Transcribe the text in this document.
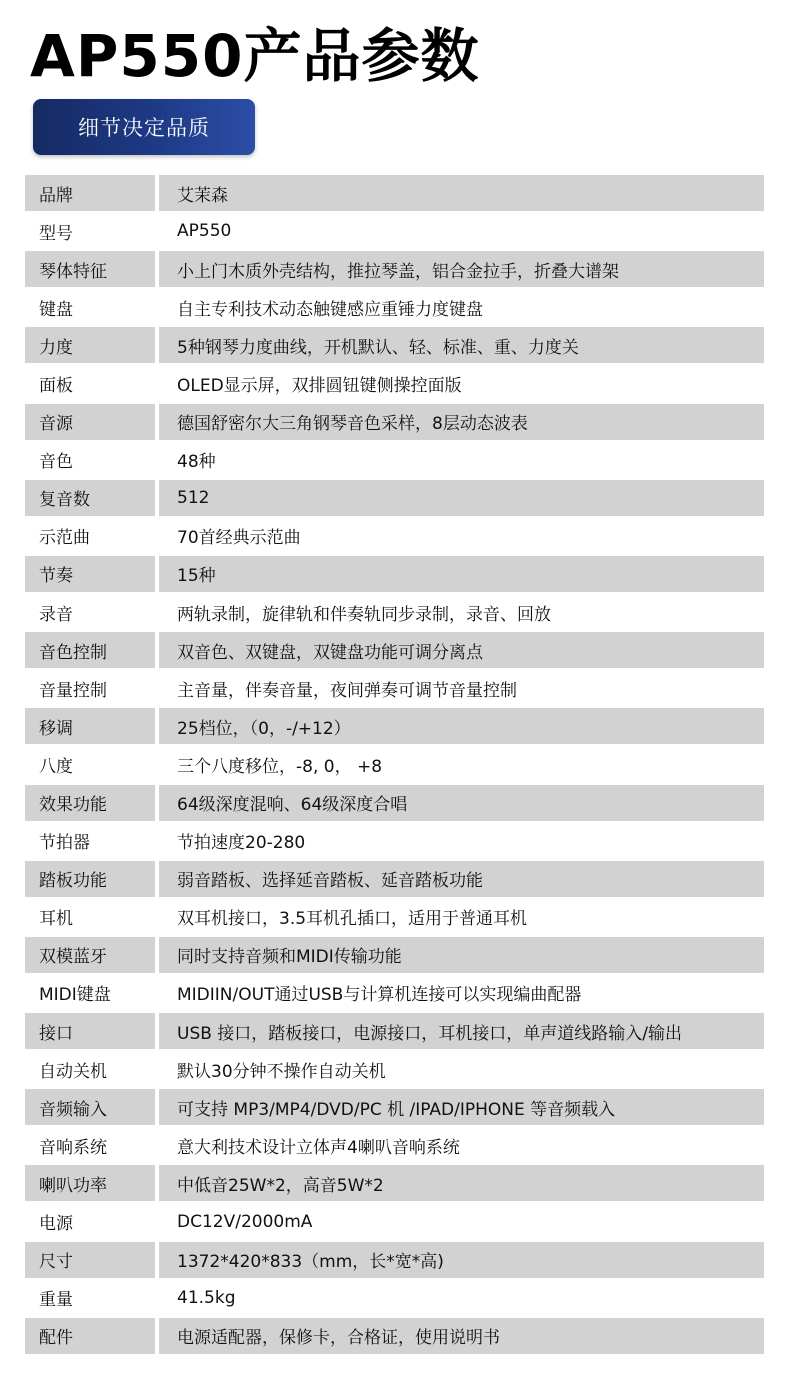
AP550产品参数
细节决定品质
品牌	艾茉森
型号	AP550
琴体特征	小上门木质外壳结构，推拉琴盖，铝合金拉手，折叠大谱架
键盘	自主专利技术动态触键感应重锤力度键盘
力度	5种钢琴力度曲线，开机默认、轻、标准、重、力度关
面板	OLED显示屏，双排圆钮键侧操控面版
音源	德国舒密尔大三角钢琴音色采样，8层动态波表
音色	48种
复音数	512
示范曲	70首经典示范曲
节奏	15种
录音	两轨录制，旋律轨和伴奏轨同步录制，录音、回放
音色控制	双音色、双键盘，双键盘功能可调分离点
音量控制	主音量，伴奏音量，夜间弹奏可调节音量控制
移调	25档位，（0，-/+12）
八度	三个八度移位，-8, 0， +8
效果功能	64级深度混响、64级深度合唱
节拍器	节拍速度20-280
踏板功能	弱音踏板、选择延音踏板、延音踏板功能
耳机	双耳机接口，3.5耳机孔插口，适用于普通耳机
双模蓝牙	同时支持音频和MIDI传输功能
MIDI键盘	MIDIIN/OUT通过USB与计算机连接可以实现编曲配器
接口	USB 接口，踏板接口，电源接口，耳机接口，单声道线路输入/输出
自动关机	默认30分钟不操作自动关机
音频输入	可支持 MP3/MP4/DVD/PC 机 /IPAD/IPHONE 等音频载入
音响系统	意大利技术设计立体声4喇叭音响系统
喇叭功率	中低音25W*2，高音5W*2
电源	DC12V/2000mA
尺寸	1372*420*833（mm，长*宽*高)
重量	41.5kg
配件	电源适配器，保修卡，合格证，使用说明书
